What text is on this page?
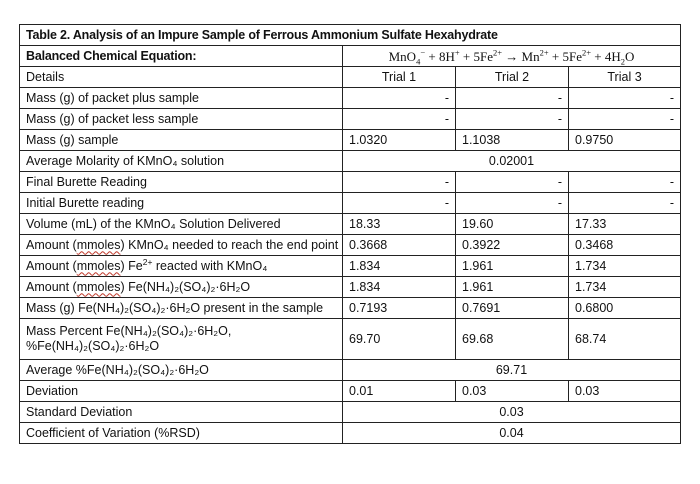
Table 2. Analysis of an Impure Sample of Ferrous Ammonium Sulfate Hexahydrate			
Balanced Chemical Equation:	$MnO_4^- + 8H^+ + 5Fe^{2+} \to Mn^{2+} + 5Fe^{2+} + 4H_2O$		
Details	Trial 1	Trial 2	Trial 3
Mass (g) of packet plus sample	-	-	-
Mass (g) of packet less sample	-	-	-
Mass (g) sample	1.0320	1.1038	0.9750
Average Molarity of KMnO₄ solution	0.02001		
Final Burette Reading	-	-	-
Initial Burette reading	-	-	-
Volume (mL) of the KMnO₄ Solution Delivered	18.33	19.60	17.33
Amount (mmoles) KMnO₄ needed to reach the end point	0.3668	0.3922	0.3468
Amount (mmoles) $Fe^{2+}$ reacted with KMnO₄	1.834	1.961	1.734
Amount (mmoles) Fe(NH₄)₂(SO₄)₂·6H₂O	1.834	1.961	1.734
Mass (g) Fe(NH₄)₂(SO₄)₂·6H₂O present in the sample	0.7193	0.7691	0.6800

Mass Percent Fe(NH₄)₂(SO₄)₂·6H₂O,
%Fe(NH₄)₂(SO₄)₂·6H₂O	69.70	69.68	68.74
Average %Fe(NH₄)₂(SO₄)₂·6H₂O	69.71		
Deviation	0.01	0.03	0.03
Standard Deviation	0.03		
Coefficient of Variation (%RSD)	0.04		
